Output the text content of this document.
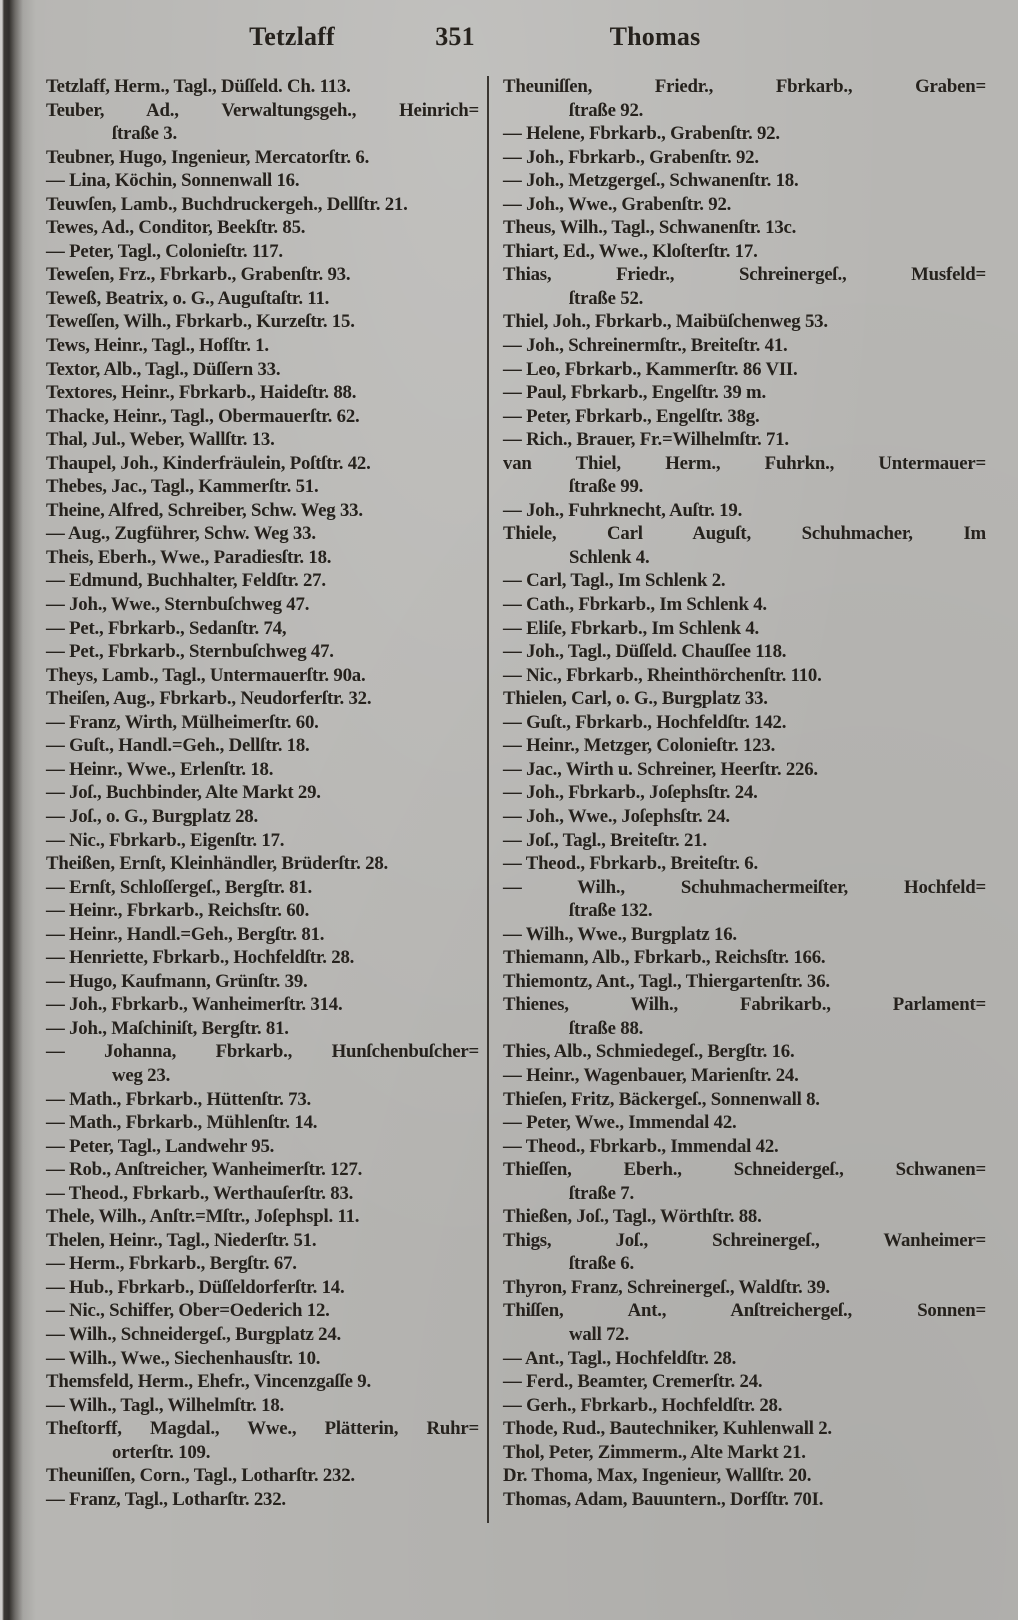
Tetzlaff	351	Thomas

Tetzlaff, Herm., Tagl., Düſſeld. Ch. 113.

Teuber, Ad., Verwaltungsgeh., Heinrich=
ſtraße 3.

Teubner, Hugo, Ingenieur, Mercatorſtr. 6.

— Lina, Köchin, Sonnenwall 16.

Teuwſen, Lamb., Buchdruckergeh., Dellſtr. 21.

Tewes, Ad., Conditor, Beekſtr. 85.

— Peter, Tagl., Colonieſtr. 117.

Teweſen, Frz., Fbrkarb., Grabenſtr. 93.

Teweß, Beatrix, o. G., Auguſtaſtr. 11.

Teweſſen, Wilh., Fbrkarb., Kurzeſtr. 15.

Tews, Heinr., Tagl., Hofſtr. 1.

Textor, Alb., Tagl., Düſſern 33.

Textores, Heinr., Fbrkarb., Haideſtr. 88.

Thacke, Heinr., Tagl., Obermauerſtr. 62.

Thal, Jul., Weber, Wallſtr. 13.

Thaupel, Joh., Kinderfräulein, Poſtſtr. 42.

Thebes, Jac., Tagl., Kammerſtr. 51.

Theine, Alfred, Schreiber, Schw. Weg 33.

— Aug., Zugführer, Schw. Weg 33.

Theis, Eberh., Wwe., Paradiesſtr. 18.

— Edmund, Buchhalter, Feldſtr. 27.

— Joh., Wwe., Sternbuſchweg 47.

— Pet., Fbrkarb., Sedanſtr. 74,

— Pet., Fbrkarb., Sternbuſchweg 47.

Theys, Lamb., Tagl., Untermauerſtr. 90a.

Theiſen, Aug., Fbrkarb., Neudorferſtr. 32.

— Franz, Wirth, Mülheimerſtr. 60.

— Guſt., Handl.=Geh., Dellſtr. 18.

— Heinr., Wwe., Erlenſtr. 18.

— Joſ., Buchbinder, Alte Markt 29.

— Joſ., o. G., Burgplatz 28.

— Nic., Fbrkarb., Eigenſtr. 17.

Theißen, Ernſt, Kleinhändler, Brüderſtr. 28.

— Ernſt, Schloſſergeſ., Bergſtr. 81.

— Heinr., Fbrkarb., Reichsſtr. 60.

— Heinr., Handl.=Geh., Bergſtr. 81.

— Henriette, Fbrkarb., Hochfeldſtr. 28.

— Hugo, Kaufmann, Grünſtr. 39.

— Joh., Fbrkarb., Wanheimerſtr. 314.

— Joh., Maſchiniſt, Bergſtr. 81.

— Johanna, Fbrkarb., Hunſchenbuſcher=
weg 23.

— Math., Fbrkarb., Hüttenſtr. 73.

— Math., Fbrkarb., Mühlenſtr. 14.

— Peter, Tagl., Landwehr 95.

— Rob., Anſtreicher, Wanheimerſtr. 127.

— Theod., Fbrkarb., Werthauſerſtr. 83.

Thele, Wilh., Anſtr.=Mſtr., Joſephspl. 11.

Thelen, Heinr., Tagl., Niederſtr. 51.

— Herm., Fbrkarb., Bergſtr. 67.

— Hub., Fbrkarb., Düſſeldorferſtr. 14.

— Nic., Schiffer, Ober=Oederich 12.

— Wilh., Schneidergeſ., Burgplatz 24.

— Wilh., Wwe., Siechenhausſtr. 10.

Themsfeld, Herm., Ehefr., Vincenzgaſſe 9.

— Wilh., Tagl., Wilhelmſtr. 18.

Theſtorff, Magdal., Wwe., Plätterin, Ruhr=
orterſtr. 109.

Theuniſſen, Corn., Tagl., Lotharſtr. 232.

— Franz, Tagl., Lotharſtr. 232.

Theuniſſen, Friedr., Fbrkarb., Graben=
ſtraße 92.

— Helene, Fbrkarb., Grabenſtr. 92.

— Joh., Fbrkarb., Grabenſtr. 92.

— Joh., Metzgergeſ., Schwanenſtr. 18.

— Joh., Wwe., Grabenſtr. 92.

Theus, Wilh., Tagl., Schwanenſtr. 13c.

Thiart, Ed., Wwe., Kloſterſtr. 17.

Thias, Friedr., Schreinergeſ., Musfeld=
ſtraße 52.

Thiel, Joh., Fbrkarb., Maibüſchenweg 53.

— Joh., Schreinermſtr., Breiteſtr. 41.

— Leo, Fbrkarb., Kammerſtr. 86 VII.

— Paul, Fbrkarb., Engelſtr. 39 m.

— Peter, Fbrkarb., Engelſtr. 38g.

— Rich., Brauer, Fr.=Wilhelmſtr. 71.

van Thiel, Herm., Fuhrkn., Untermauer=
ſtraße 99.

— Joh., Fuhrknecht, Auſtr. 19.

Thiele, Carl Auguſt, Schuhmacher, Im
Schlenk 4.

— Carl, Tagl., Im Schlenk 2.

— Cath., Fbrkarb., Im Schlenk 4.

— Eliſe, Fbrkarb., Im Schlenk 4.

— Joh., Tagl., Düſſeld. Chauſſee 118.

— Nic., Fbrkarb., Rheinthörchenſtr. 110.

Thielen, Carl, o. G., Burgplatz 33.

— Guſt., Fbrkarb., Hochfeldſtr. 142.

— Heinr., Metzger, Colonieſtr. 123.

— Jac., Wirth u. Schreiner, Heerſtr. 226.

— Joh., Fbrkarb., Joſephsſtr. 24.

— Joh., Wwe., Joſephsſtr. 24.

— Joſ., Tagl., Breiteſtr. 21.

— Theod., Fbrkarb., Breiteſtr. 6.

— Wilh., Schuhmachermeiſter, Hochfeld=
ſtraße 132.

— Wilh., Wwe., Burgplatz 16.

Thiemann, Alb., Fbrkarb., Reichsſtr. 166.

Thiemontz, Ant., Tagl., Thiergartenſtr. 36.

Thienes, Wilh., Fabrikarb., Parlament=
ſtraße 88.

Thies, Alb., Schmiedegeſ., Bergſtr. 16.

— Heinr., Wagenbauer, Marienſtr. 24.

Thieſen, Fritz, Bäckergeſ., Sonnenwall 8.

— Peter, Wwe., Immendal 42.

— Theod., Fbrkarb., Immendal 42.

Thieſſen, Eberh., Schneidergeſ., Schwanen=
ſtraße 7.

Thießen, Joſ., Tagl., Wörthſtr. 88.

Thigs, Joſ., Schreinergeſ., Wanheimer=
ſtraße 6.

Thyron, Franz, Schreinergeſ., Waldſtr. 39.

Thiſſen, Ant., Anſtreichergeſ., Sonnen=
wall 72.

— Ant., Tagl., Hochfeldſtr. 28.

— Ferd., Beamter, Cremerſtr. 24.

— Gerh., Fbrkarb., Hochfeldſtr. 28.

Thode, Rud., Bautechniker, Kuhlenwall 2.

Thol, Peter, Zimmerm., Alte Markt 21.

Dr. Thoma, Max, Ingenieur, Wallſtr. 20.

Thomas, Adam, Bauuntern., Dorfſtr. 70I.
